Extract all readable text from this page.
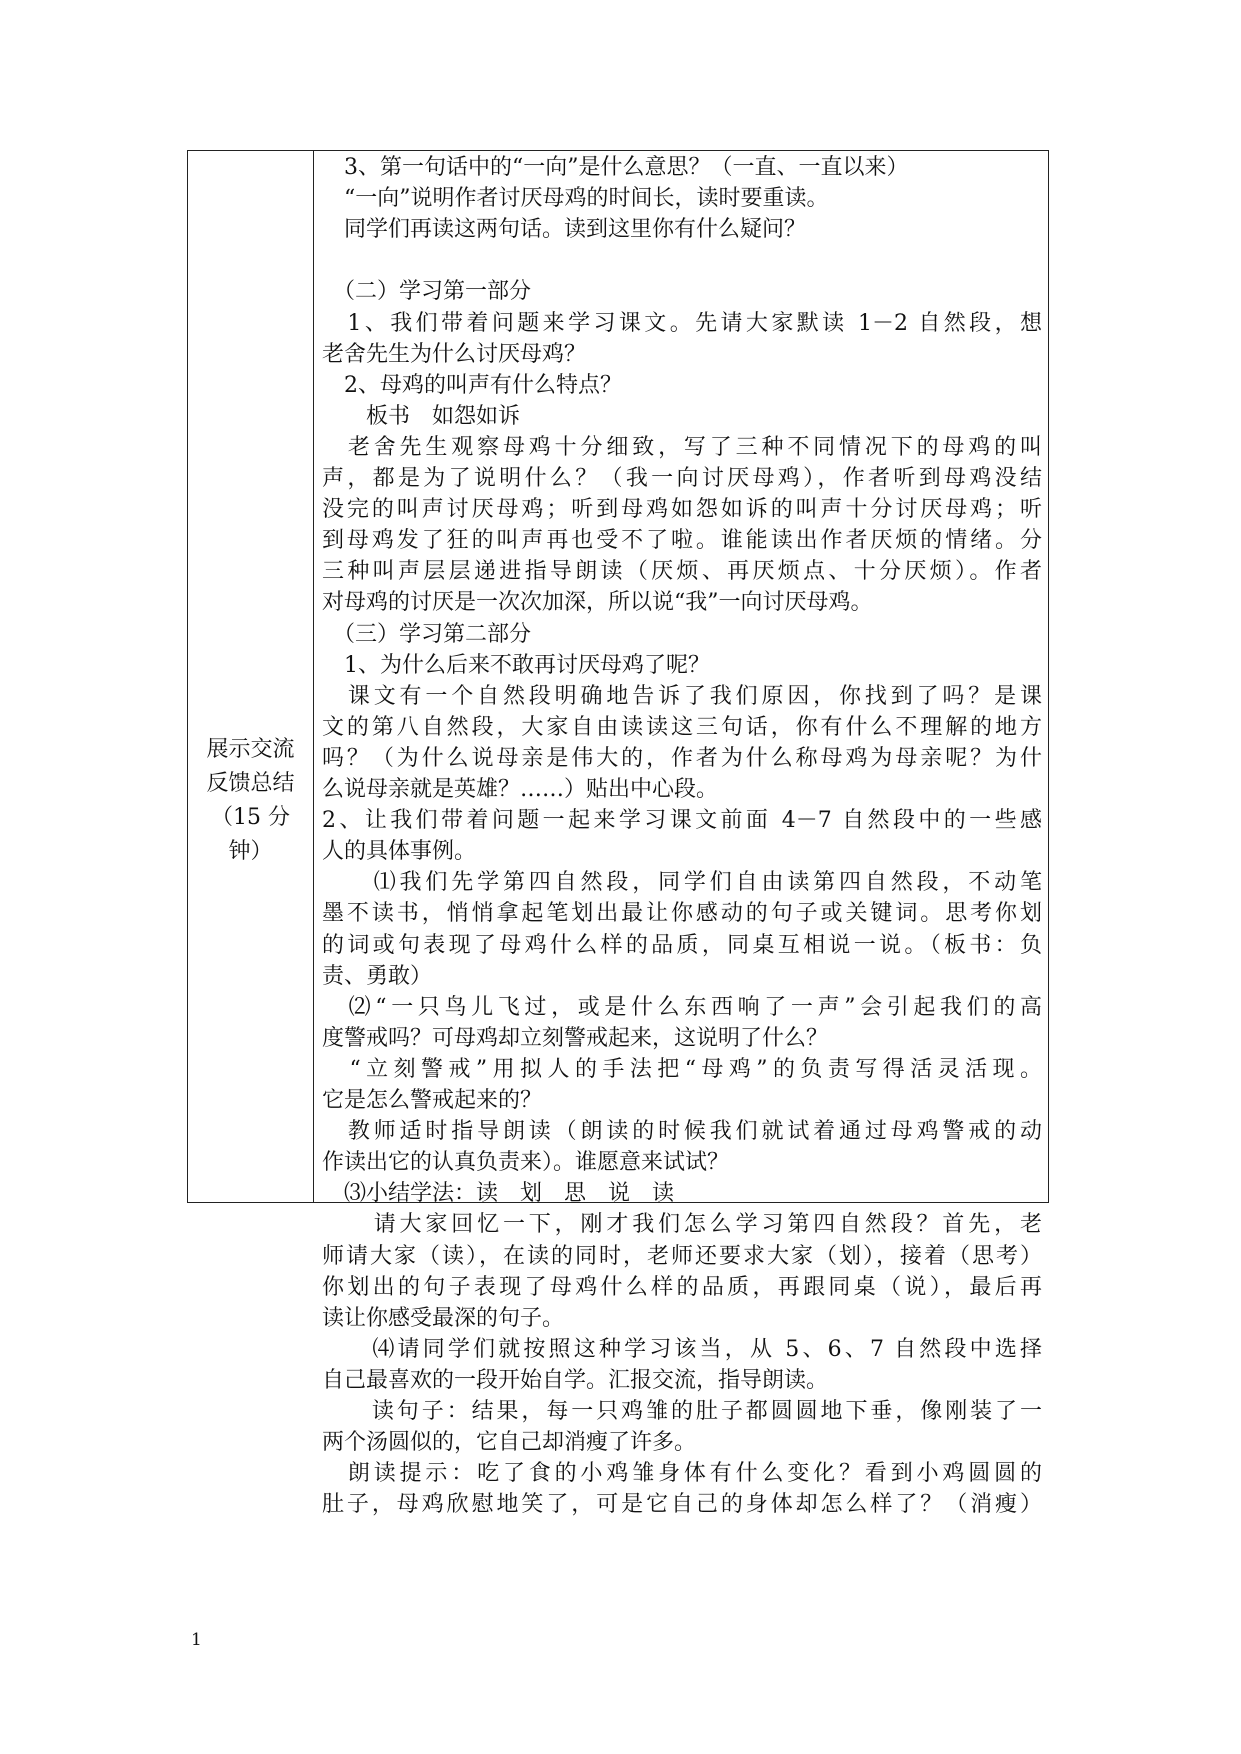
展示交流
反馈总结
（15 分
钟）
　3、第一句话中的“一向”是什么意思？（一直、一直以来）
　“一向”说明作者讨厌母鸡的时间长，读时要重读。
　同学们再读这两句话。读到这里你有什么疑问？
　（二）学习第一部分
　1、我们带着问题来学习课文。先请大家默读 1－2 自然段，想
老舍先生为什么讨厌母鸡？
　2、母鸡的叫声有什么特点？
　　板书　如怨如诉
　老舍先生观察母鸡十分细致，写了三种不同情况下的母鸡的叫
声，都是为了说明什么？（我一向讨厌母鸡），作者听到母鸡没结
没完的叫声讨厌母鸡；听到母鸡如怨如诉的叫声十分讨厌母鸡；听
到母鸡发了狂的叫声再也受不了啦。谁能读出作者厌烦的情绪。分
三种叫声层层递进指导朗读（厌烦、再厌烦点、十分厌烦）。作者
对母鸡的讨厌是一次次加深，所以说“我”一向讨厌母鸡。
　（三）学习第二部分
　1、为什么后来不敢再讨厌母鸡了呢？
　课文有一个自然段明确地告诉了我们原因，你找到了吗？是课
文的第八自然段，大家自由读读这三句话，你有什么不理解的地方
吗？（为什么说母亲是伟大的，作者为什么称母鸡为母亲呢？为什
么说母亲就是英雄？……）贴出中心段。
2、让我们带着问题一起来学习课文前面 4－7 自然段中的一些感
人的具体事例。
　　⑴我们先学第四自然段，同学们自由读第四自然段，不动笔
墨不读书，悄悄拿起笔划出最让你感动的句子或关键词。思考你划
的词或句表现了母鸡什么样的品质，同桌互相说一说。（板书：负
责、勇敢）
　⑵“一只鸟儿飞过，或是什么东西响了一声”会引起我们的高
度警戒吗？可母鸡却立刻警戒起来，这说明了什么？
　“立刻警戒”用拟人的手法把“母鸡”的负责写得活灵活现。
它是怎么警戒起来的？
　教师适时指导朗读（朗读的时候我们就试着通过母鸡警戒的动
作读出它的认真负责来）。谁愿意来试试？
　⑶小结学法：读　划　思　说　读
　　请大家回忆一下，刚才我们怎么学习第四自然段？首先，老
师请大家（读），在读的同时，老师还要求大家（划），接着（思考）
你划出的句子表现了母鸡什么样的品质，再跟同桌（说），最后再
读让你感受最深的句子。
　　⑷请同学们就按照这种学习该当，从 5、6、7 自然段中选择
自己最喜欢的一段开始自学。汇报交流，指导朗读。
　　读句子：结果，每一只鸡雏的肚子都圆圆地下垂，像刚装了一
两个汤圆似的，它自己却消瘦了许多。
　朗读提示：吃了食的小鸡雏身体有什么变化？看到小鸡圆圆的
肚子，母鸡欣慰地笑了，可是它自己的身体却怎么样了？（消瘦）
1
